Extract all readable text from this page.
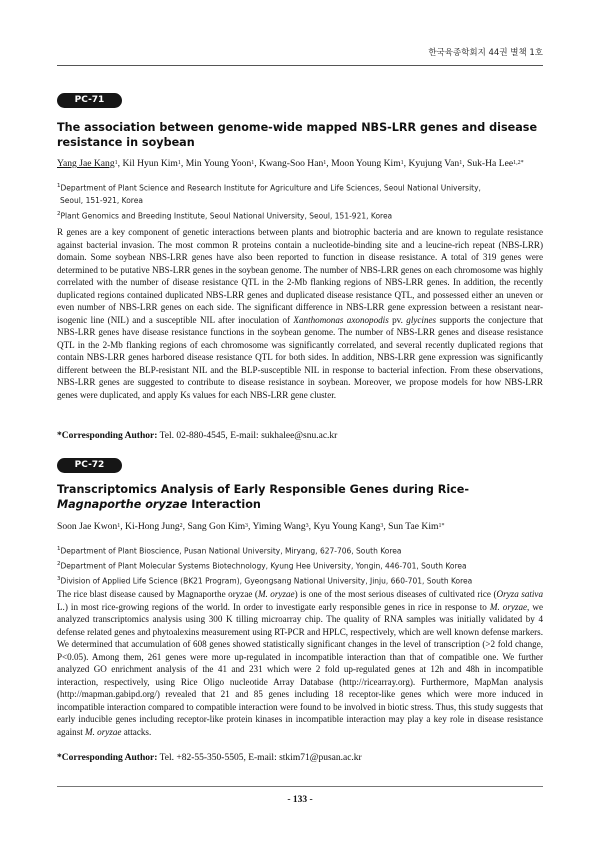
한국육종학회지 44권 별책 1호
PC-71
The association between genome-wide mapped NBS-LRR genes and disease resistance in soybean
Yang Jae Kang$^1$, Kil Hyun Kim$^1$, Min Young Yoon$^1$, Kwang-Soo Han$^1$, Moon Young Kim$^1$, Kyujung Van$^1$, Suk-Ha Lee$^{1,2*}$
$^1$Department of Plant Science and Research Institute for Agriculture and Life Sciences, Seoul National University,
Seoul, 151-921, Korea
$^2$Plant Genomics and Breeding Institute, Seoul National University, Seoul, 151-921, Korea
R genes are a key component of genetic interactions between plants and biotrophic bacteria and are known to regulate resistance against bacterial invasion. The most common R proteins contain a nucleotide-binding site and a leucine-rich repeat (NBS-LRR) domain. Some soybean NBS-LRR genes have also been reported to function in disease resistance. A total of 319 genes were determined to be putative NBS-LRR genes in the soybean genome. The number of NBS-LRR genes on each chromosome was highly correlated with the number of disease resistance QTL in the 2-Mb flanking regions of NBS-LRR genes. In addition, the recently duplicated regions contained duplicated NBS-LRR genes and duplicated disease resistance QTL, and possessed either an uneven or even number of NBS-LRR genes on each side. The significant difference in NBS-LRR gene expression between a resistant near-isogenic line (NIL) and a susceptible NIL after inoculation of Xanthomonas axonopodis pv. glycines supports the conjecture that NBS-LRR genes have disease resistance functions in the soybean genome. The number of NBS-LRR genes and disease resistance QTL in the 2-Mb flanking regions of each chromosome was significantly correlated, and several recently duplicated regions that contain NBS-LRR genes harbored disease resistance QTL for both sides. In addition, NBS-LRR gene expression was significantly different between the BLP-resistant NIL and the BLP-susceptible NIL in response to bacterial infection. From these observations, NBS-LRR genes are suggested to contribute to disease resistance in soybean. Moreover, we propose models for how NBS-LRR genes were duplicated, and apply Ks values for each NBS-LRR gene cluster.
*Corresponding Author: Tel. 02-880-4545, E-mail: sukhalee@snu.ac.kr
PC-72
Transcriptomics Analysis of Early Responsible Genes during Rice-Magnaporthe oryzae Interaction
Soon Jae Kwon$^1$, Ki-Hong Jung$^2$, Sang Gon Kim$^3$, Yiming Wang$^3$, Kyu Young Kang$^3$, Sun Tae Kim$^{1*}$
$^1$Department of Plant Bioscience, Pusan National University, Miryang, 627-706, South Korea
$^2$Department of Plant Molecular Systems Biotechnology, Kyung Hee University, Yongin, 446-701, South Korea
$^3$Division of Applied Life Science (BK21 Program), Gyeongsang National University, Jinju, 660-701, South Korea
The rice blast disease caused by Magnaporthe oryzae (M. oryzae) is one of the most serious diseases of cultivated rice (Oryza sativa L.) in most rice-growing regions of the world. In order to investigate early responsible genes in rice in response to M. oryzae, we analyzed transcriptomics analysis using 300 K tilling microarray chip. The quality of RNA samples was initially validated by 4 defense related genes and phytoalexins measurement using RT-PCR and HPLC, respectively, which are well known defense markers. We determined that accumulation of 608 genes showed statistically significant changes in the level of transcription (>2 fold change, P<0.05). Among them, 261 genes were more up-regulated in incompatible interaction than that of compatible one. We further analyzed GO enrichment analysis of the 41 and 231 which were 2 fold up-regulated genes at 12h and 48h in incompatible interaction, respectively, using Rice Oligo nucleotide Array Database (http://ricearray.org). Furthermore, MapMan analysis (http://mapman.gabipd.org/) revealed that 21 and 85 genes including 18 receptor-like genes which were more induced in incompatible interaction compared to compatible interaction were found to be involved in biotic stress. Thus, this study suggests that early inducible genes including receptor-like protein kinases in incompatible interaction may play a key role in disease resistance against M. oryzae attacks.
*Corresponding Author: Tel. +82-55-350-5505, E-mail: stkim71@pusan.ac.kr
- 133 -
